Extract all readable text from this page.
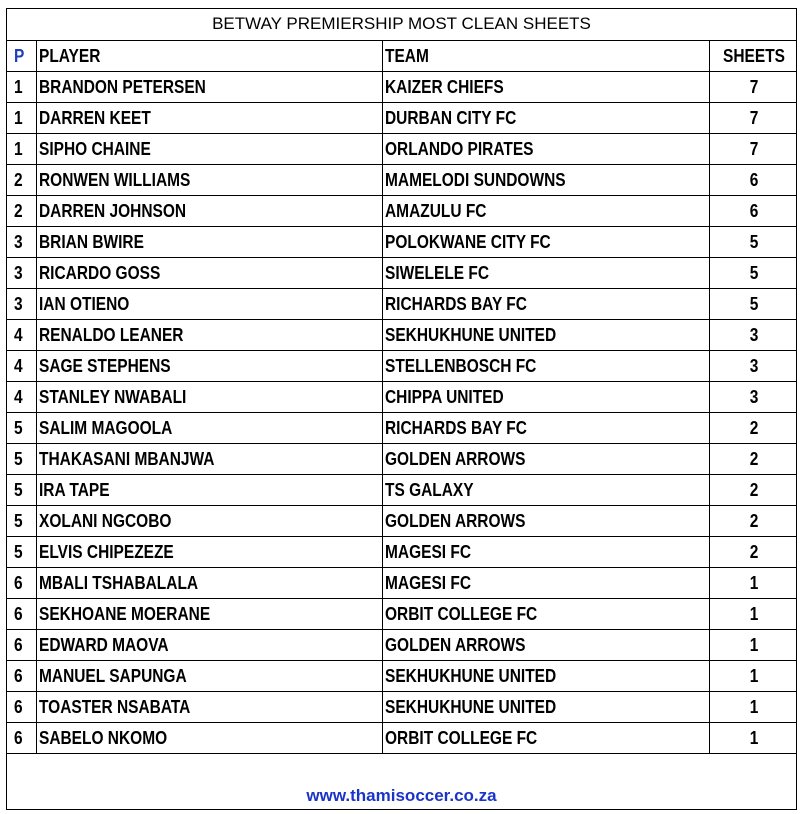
BETWAY PREMIERSHIP MOST CLEAN SHEETS			
P	PLAYER	TEAM	SHEETS
1	BRANDON PETERSEN	KAIZER CHIEFS	7
1	DARREN KEET	DURBAN CITY FC	7
1	SIPHO CHAINE	ORLANDO PIRATES	7
2	RONWEN WILLIAMS	MAMELODI SUNDOWNS	6
2	DARREN JOHNSON	AMAZULU FC	6
3	BRIAN BWIRE	POLOKWANE CITY FC	5
3	RICARDO GOSS	SIWELELE FC	5
3	IAN OTIENO	RICHARDS BAY FC	5
4	RENALDO LEANER	SEKHUKHUNE UNITED	3
4	SAGE STEPHENS	STELLENBOSCH FC	3
4	STANLEY NWABALI	CHIPPA UNITED	3
5	SALIM MAGOOLA	RICHARDS BAY FC	2
5	THAKASANI MBANJWA	GOLDEN ARROWS	2
5	IRA TAPE	TS GALAXY	2
5	XOLANI NGCOBO	GOLDEN ARROWS	2
5	ELVIS CHIPEZEZE	MAGESI FC	2
6	MBALI TSHABALALA	MAGESI FC	1
6	SEKHOANE MOERANE	ORBIT COLLEGE FC	1
6	EDWARD MAOVA	GOLDEN ARROWS	1
6	MANUEL SAPUNGA	SEKHUKHUNE UNITED	1
6	TOASTER NSABATA	SEKHUKHUNE UNITED	1
6	SABELO NKOMO	ORBIT COLLEGE FC	1
www.thamisoccer.co.za
